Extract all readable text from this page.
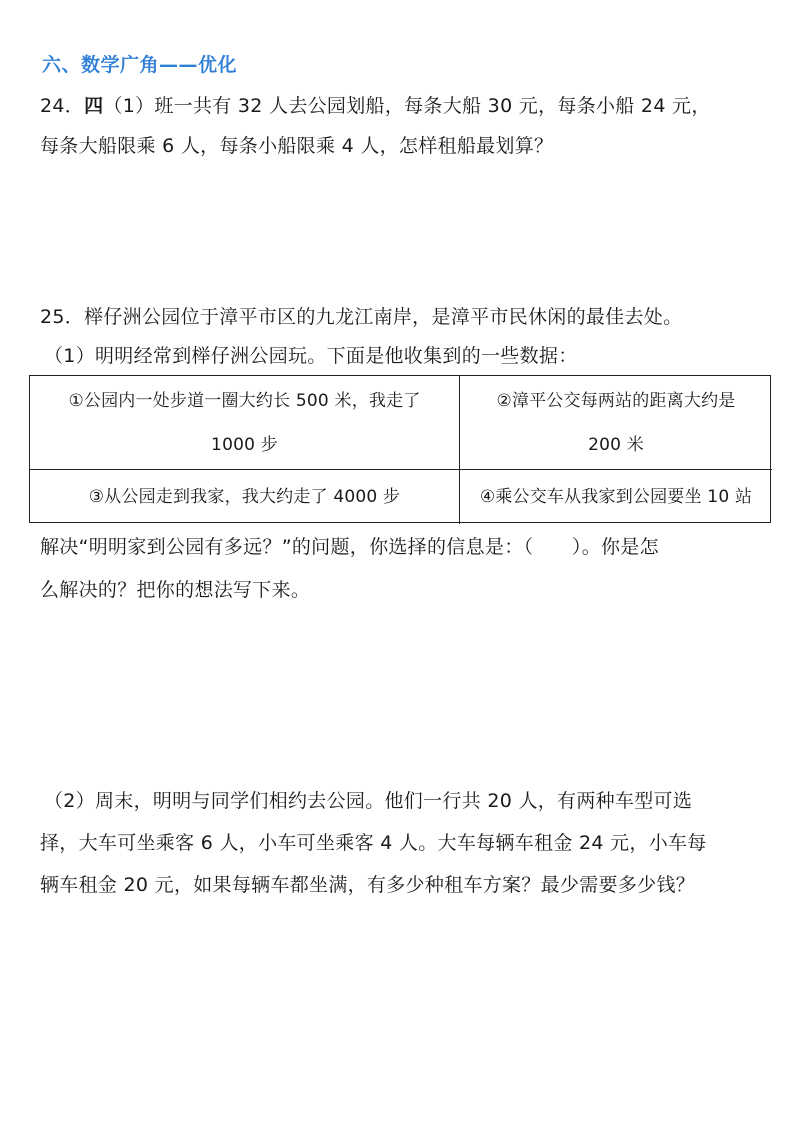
六、数学广角——优化
24．四（1）班一共有 32 人去公园划船，每条大船 30 元，每条小船 24 元，
每条大船限乘 6 人，每条小船限乘 4 人，怎样租船最划算？
25．榉仔洲公园位于漳平市区的九龙江南岸，是漳平市民休闲的最佳去处。
（1）明明经常到榉仔洲公园玩。下面是他收集到的一些数据：
①公园内一处步道一圈大约长 500 米，我走了
1000 步
②漳平公交每两站的距离大约是
200 米
③从公园走到我家，我大约走了 4000 步	④乘公交车从我家到公园要坐 10 站
解决“明明家到公园有多远？”的问题，你选择的信息是：（　　）。你是怎
么解决的？把你的想法写下来。
（2）周末，明明与同学们相约去公园。他们一行共 20 人，有两种车型可选
择，大车可坐乘客 6 人，小车可坐乘客 4 人。大车每辆车租金 24 元，小车每
辆车租金 20 元，如果每辆车都坐满，有多少种租车方案？最少需要多少钱？
